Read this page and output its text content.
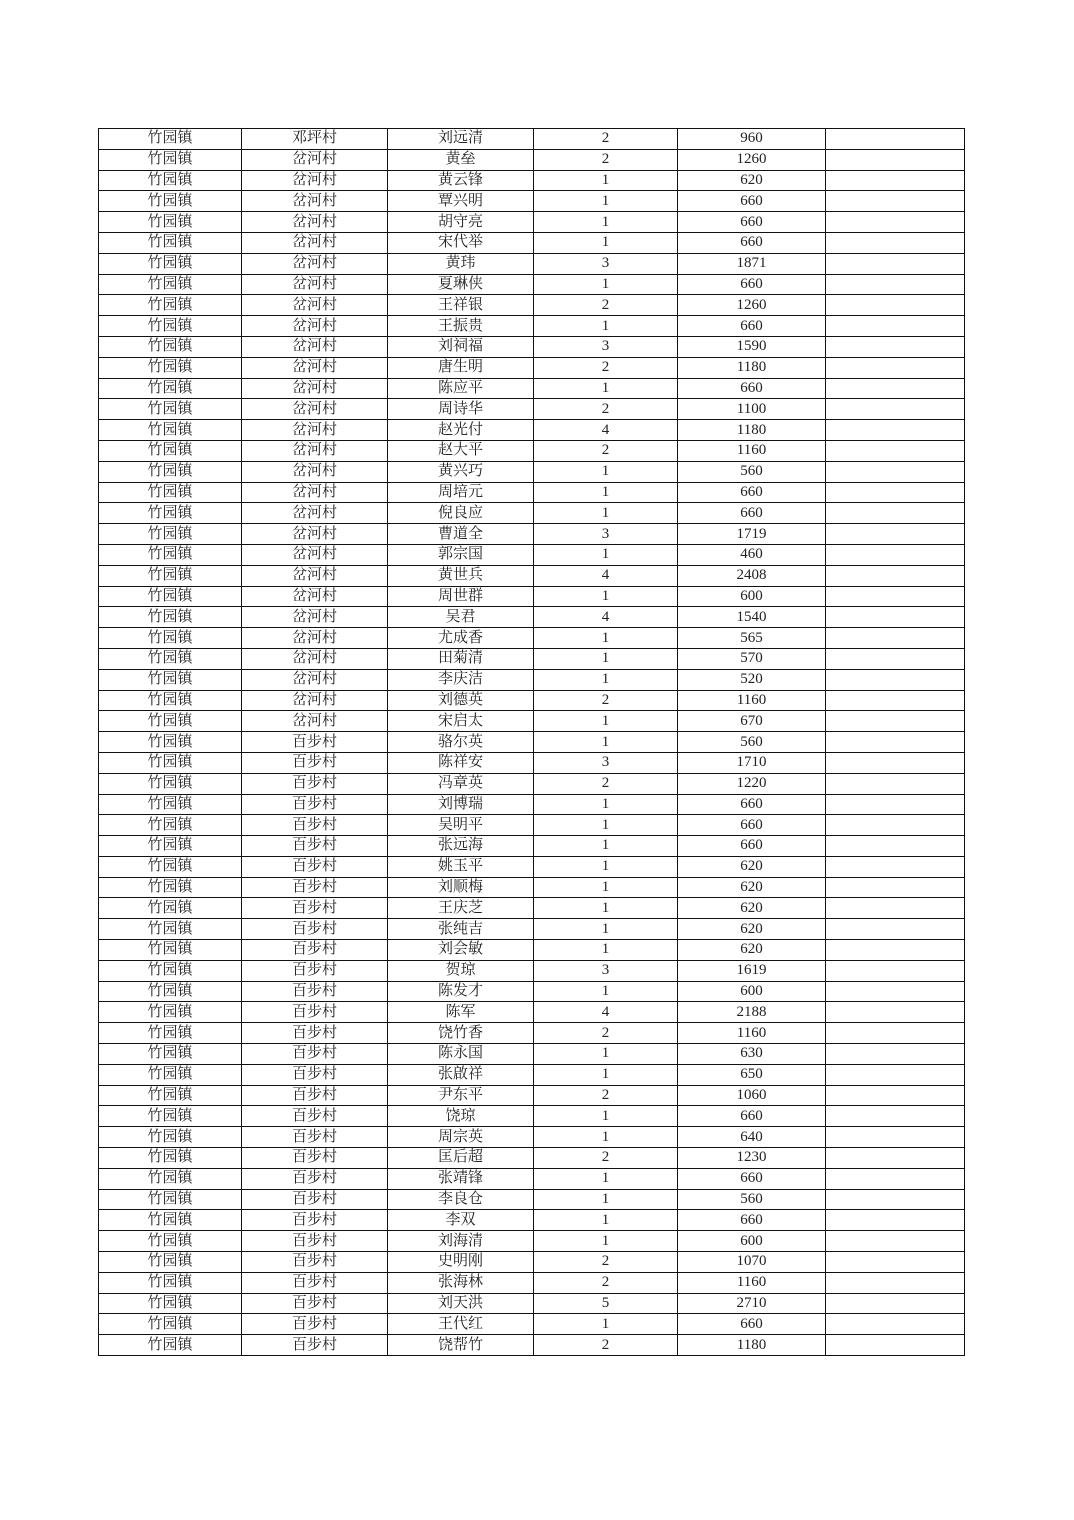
竹园镇	邓坪村	刘远清	2	960	
竹园镇	岔河村	黄垒	2	1260	
竹园镇	岔河村	黄云锋	1	620	
竹园镇	岔河村	覃兴明	1	660	
竹园镇	岔河村	胡守亮	1	660	
竹园镇	岔河村	宋代举	1	660	
竹园镇	岔河村	黄玮	3	1871	
竹园镇	岔河村	夏琳侠	1	660	
竹园镇	岔河村	王祥银	2	1260	
竹园镇	岔河村	王振贵	1	660	
竹园镇	岔河村	刘祠福	3	1590	
竹园镇	岔河村	唐生明	2	1180	
竹园镇	岔河村	陈应平	1	660	
竹园镇	岔河村	周诗华	2	1100	
竹园镇	岔河村	赵光付	4	1180	
竹园镇	岔河村	赵大平	2	1160	
竹园镇	岔河村	黄兴巧	1	560	
竹园镇	岔河村	周培元	1	660	
竹园镇	岔河村	倪良应	1	660	
竹园镇	岔河村	曹道全	3	1719	
竹园镇	岔河村	郭宗国	1	460	
竹园镇	岔河村	黄世兵	4	2408	
竹园镇	岔河村	周世群	1	600	
竹园镇	岔河村	吴君	4	1540	
竹园镇	岔河村	尤成香	1	565	
竹园镇	岔河村	田菊清	1	570	
竹园镇	岔河村	李庆洁	1	520	
竹园镇	岔河村	刘德英	2	1160	
竹园镇	岔河村	宋启太	1	670	
竹园镇	百步村	骆尔英	1	560	
竹园镇	百步村	陈祥安	3	1710	
竹园镇	百步村	冯章英	2	1220	
竹园镇	百步村	刘博瑞	1	660	
竹园镇	百步村	吴明平	1	660	
竹园镇	百步村	张远海	1	660	
竹园镇	百步村	姚玉平	1	620	
竹园镇	百步村	刘顺梅	1	620	
竹园镇	百步村	王庆芝	1	620	
竹园镇	百步村	张纯吉	1	620	
竹园镇	百步村	刘会敏	1	620	
竹园镇	百步村	贺琼	3	1619	
竹园镇	百步村	陈发才	1	600	
竹园镇	百步村	陈军	4	2188	
竹园镇	百步村	饶竹香	2	1160	
竹园镇	百步村	陈永国	1	630	
竹园镇	百步村	张啟祥	1	650	
竹园镇	百步村	尹东平	2	1060	
竹园镇	百步村	饶琼	1	660	
竹园镇	百步村	周宗英	1	640	
竹园镇	百步村	匡后超	2	1230	
竹园镇	百步村	张靖锋	1	660	
竹园镇	百步村	李良仓	1	560	
竹园镇	百步村	李双	1	660	
竹园镇	百步村	刘海清	1	600	
竹园镇	百步村	史明刚	2	1070	
竹园镇	百步村	张海林	2	1160	
竹园镇	百步村	刘天洪	5	2710	
竹园镇	百步村	王代红	1	660	
竹园镇	百步村	饶帮竹	2	1180	
